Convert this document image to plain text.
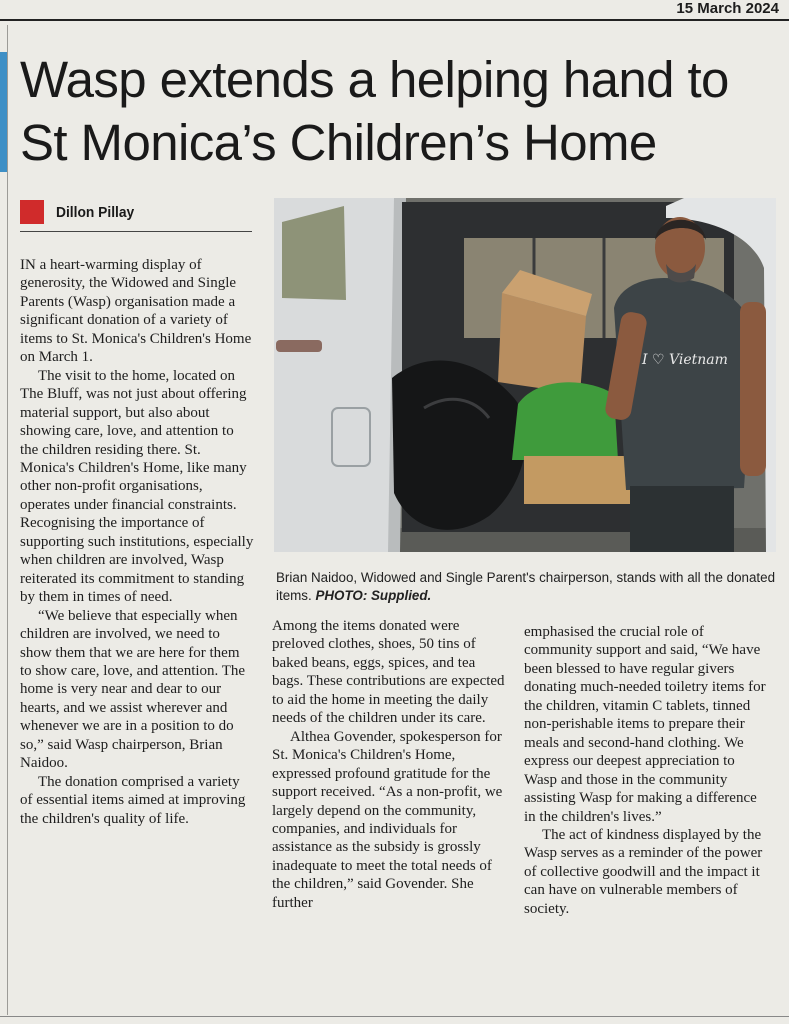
15 March 2024
Wasp extends a helping hand to St Monica’s Children’s Home
Dillon Pillay

IN a heart-warming display of generosity, the Widowed and Single Parents (Wasp) organisation made a significant donation of a variety of items to St. Monica's Children's Home on March 1.

The visit to the home, located on The Bluff, was not just about offering material support, but also about showing care, love, and attention to the children residing there. St. Monica's Children's Home, like many other non-profit organisations, operates under financial constraints. Recognising the importance of supporting such institutions, especially when children are involved, Wasp reiterated its commitment to standing by them in times of need.

“We believe that especially when children are involved, we need to show them that we are here for them to show care, love, and attention. The home is very near and dear to our hearts, and we assist wherever and whenever we are in a position to do so,” said Wasp chairperson, Brian Naidoo.

The donation comprised a variety of essential items aimed at improving the children's quality of life.

I ♡ Vietnam

Brian Naidoo, Widowed and Single Parent's chairperson, stands with all the donated items. PHOTO: Supplied.

Among the items donated were preloved clothes, shoes, 50 tins of baked beans, eggs, spices, and tea bags. These contributions are expected to aid the home in meeting the daily needs of the children under its care.

Althea Govender, spokesperson for St. Monica's Children's Home, expressed profound gratitude for the support received. “As a non-profit, we largely depend on the community, companies, and individuals for assistance as the subsidy is grossly inadequate to meet the total needs of the children,” said Govender. She further

emphasised the crucial role of community support and said, “We have been blessed to have regular givers donating much-needed toiletry items for the children, vitamin C tablets, tinned non-perishable items to prepare their meals and second-hand clothing. We express our deepest appreciation to Wasp and those in the community assisting Wasp for making a difference in the children's lives.”

The act of kindness displayed by the Wasp serves as a reminder of the power of collective goodwill and the impact it can have on vulnerable members of society.
